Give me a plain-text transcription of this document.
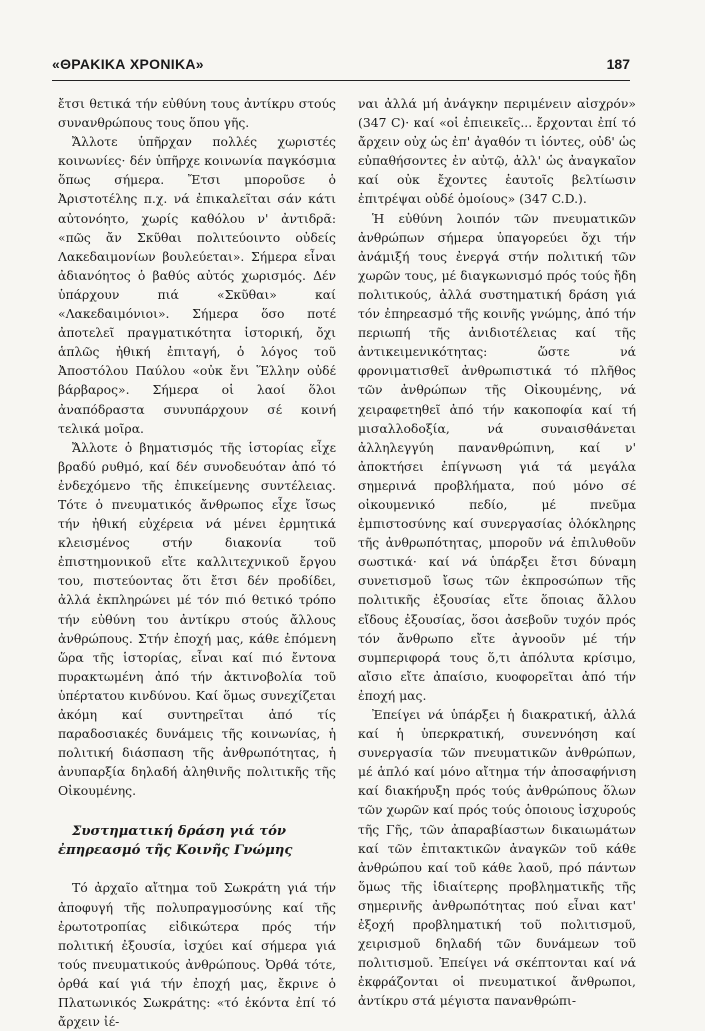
«ΘΡΑΚΙΚΑ ΧΡΟΝΙΚΑ»	187

ἔτσι θετικά τήν εὐθύνη τους ἀντίκρυ στούς συνανθρώπους τους ὅπου γῆς.

Ἄλλοτε ὑπῆρχαν πολλές χωριστές κοινωνίες· δέν ὑπῆρχε κοινωνία παγκόσμια ὅπως σήμερα. Ἔτσι μποροῦσε ὁ Ἀριστοτέλης π.χ. νά ἐπικαλεῖται σάν κάτι αὐτονόητο, χωρίς καθόλου ν' ἀντιδρᾶ: «πῶς ἄν Σκῦθαι πολιτεύοιντο οὐδείς Λακεδαιμονίων βουλεύεται». Σήμερα εἶναι ἀδιανόητος ὁ βαθύς αὐτός χωρισμός. Δέν ὑπάρχουν πιά «Σκῦθαι» καί «Λακεδαιμόνιοι». Σήμερα ὅσο ποτέ ἀποτελεῖ πραγματικότητα ἱστορική, ὄχι ἁπλῶς ἠθική ἐπιταγή, ὁ λόγος τοῦ Ἀποστόλου Παύλου «οὐκ ἔνι Ἕλλην οὐδέ βάρβαρος». Σήμερα οἱ λαοί ὅλοι ἀναπόδραστα συνυπάρχουν σέ κοινή τελικά μοῖρα.

Ἄλλοτε ὁ βηματισμός τῆς ἱστορίας εἶχε βραδύ ρυθμό, καί δέν συνοδευόταν ἀπό τό ἐνδεχόμενο τῆς ἐπικείμενης συντέλειας. Τότε ὁ πνευματικός ἄνθρωπος εἶχε ἴσως τήν ἠθική εὐχέρεια νά μένει ἐρμητικά κλεισμένος στήν διακονία τοῦ ἐπιστημονικοῦ εἴτε καλλιτεχνικοῦ ἔργου του, πιστεύοντας ὅτι ἔτσι δέν προδίδει, ἀλλά ἐκπληρώνει μέ τόν πιό θετικό τρόπο τήν εὐθύνη του ἀντίκρυ στούς ἄλλους ἀνθρώπους. Στήν ἐποχή μας, κάθε ἐπόμενη ὥρα τῆς ἱστορίας, εἶναι καί πιό ἔντονα πυρακτωμένη ἀπό τήν ἀκτινοβολία τοῦ ὑπέρτατου κινδύνου. Καί ὅμως συνεχίζεται ἀκόμη καί συντηρεῖται ἀπό τίς παραδοσιακές δυνάμεις τῆς κοινωνίας, ἡ πολιτική διάσπαση τῆς ἀνθρωπότητας, ἡ ἀνυπαρξία δηλαδή ἀληθινῆς πολιτικῆς τῆς Οἰκουμένης.

Συστηματική δράση γιά τόν ἐπηρεασμό τῆς Κοινῆς Γνώμης

Τό ἀρχαῖο αἴτημα τοῦ Σωκράτη γιά τήν ἀποφυγή τῆς πολυπραγμοσύνης καί τῆς ἐρωτοτροπίας εἰδικώτερα πρός τήν πολιτική ἐξουσία, ἰσχύει καί σήμερα γιά τούς πνευματικούς ἀνθρώπους. Ὀρθά τότε, ὀρθά καί γιά τήν ἐποχή μας, ἔκρινε ὁ Πλατωνικός Σωκράτης: «τό ἑκόντα ἐπί τό ἄρχειν ἰέ-

ναι ἀλλά μή ἀνάγκην περιμένειν αἰσχρόν» (347 C)· καί «οἱ ἐπιεικεῖς... ἔρχονται ἐπί τό ἄρχειν οὐχ ὡς ἐπ' ἀγαθόν τι ἰόντες, οὐδ' ὡς εὐπαθήσοντες ἐν αὐτῷ, ἀλλ' ὡς ἀναγκαῖον καί οὐκ ἔχοντες ἑαυτοῖς βελτίωσιν ἐπιτρέψαι οὐδέ ὁμοίους» (347 C.D.).

Ἡ εὐθύνη λοιπόν τῶν πνευματικῶν ἀνθρώπων σήμερα ὑπαγορεύει ὄχι τήν ἀνάμιξή τους ἐνεργά στήν πολιτική τῶν χωρῶν τους, μέ διαγκωνισμό πρός τούς ἤδη πολιτικούς, ἀλλά συστηματική δράση γιά τόν ἐπηρεασμό τῆς κοινῆς γνώμης, ἀπό τήν περιωπή τῆς ἀνιδιοτέλειας καί τῆς ἀντικειμενικότητας: ὥστε νά φρονιματισθεῖ ἀνθρωπιστικά τό πλῆθος τῶν ἀνθρώπων τῆς Οἰκουμένης, νά χειραφετηθεῖ ἀπό τήν κακοποφία καί τή μισαλλοδοξία, νά συναισθάνεται ἀλληλεγγύη πανανθρώπινη, καί ν' ἀποκτήσει ἐπίγνωση γιά τά μεγάλα σημερινά προβλήματα, πού μόνο σέ οἰκουμενικό πεδίο, μέ πνεῦμα ἐμπιστοσύνης καί συνεργασίας ὁλόκληρης τῆς ἀνθρωπότητας, μποροῦν νά ἐπιλυθοῦν σωστικά· καί νά ὑπάρξει ἔτσι δύναμη συνετισμοῦ ἴσως τῶν ἐκπροσώπων τῆς πολιτικῆς ἐξουσίας εἴτε ὅποιας ἄλλου εἴδους ἐξουσίας, ὅσοι ἀσεβοῦν τυχόν πρός τόν ἄνθρωπο εἴτε ἀγνοοῦν μέ τήν συμπεριφορά τους ὅ,τι ἀπόλυτα κρίσιμο, αἴσιο εἴτε ἀπαίσιο, κυοφορεῖται ἀπό τήν ἐποχή μας.

Ἐπείγει νά ὑπάρξει ἡ διακρατική, ἀλλά καί ἡ ὑπερκρατική, συνεννόηση καί συνεργασία τῶν πνευματικῶν ἀνθρώπων, μέ ἁπλό καί μόνο αἴτημα τήν ἀποσαφήνιση καί διακήρυξη πρός τούς ἀνθρώπους ὅλων τῶν χωρῶν καί πρός τούς ὁποιους ἰσχυρούς τῆς Γῆς, τῶν ἀπαραβίαστων δικαιωμάτων καί τῶν ἐπιτακτικῶν ἀναγκῶν τοῦ κάθε ἀνθρώπου καί τοῦ κάθε λαοῦ, πρό πάντων ὅμως τῆς ἰδιαίτερης προβληματικῆς τῆς σημερινῆς ἀνθρωπότητας πού εἶναι κατ' ἐξοχή προβληματική τοῦ πολιτισμοῦ, χειρισμοῦ δηλαδή τῶν δυνάμεων τοῦ πολιτισμοῦ. Ἐπείγει νά σκέπτονται καί νά ἐκφράζονται οἱ πνευματικοί ἄνθρωποι, ἀντίκρυ στά μέγιστα πανανθρώπι-
